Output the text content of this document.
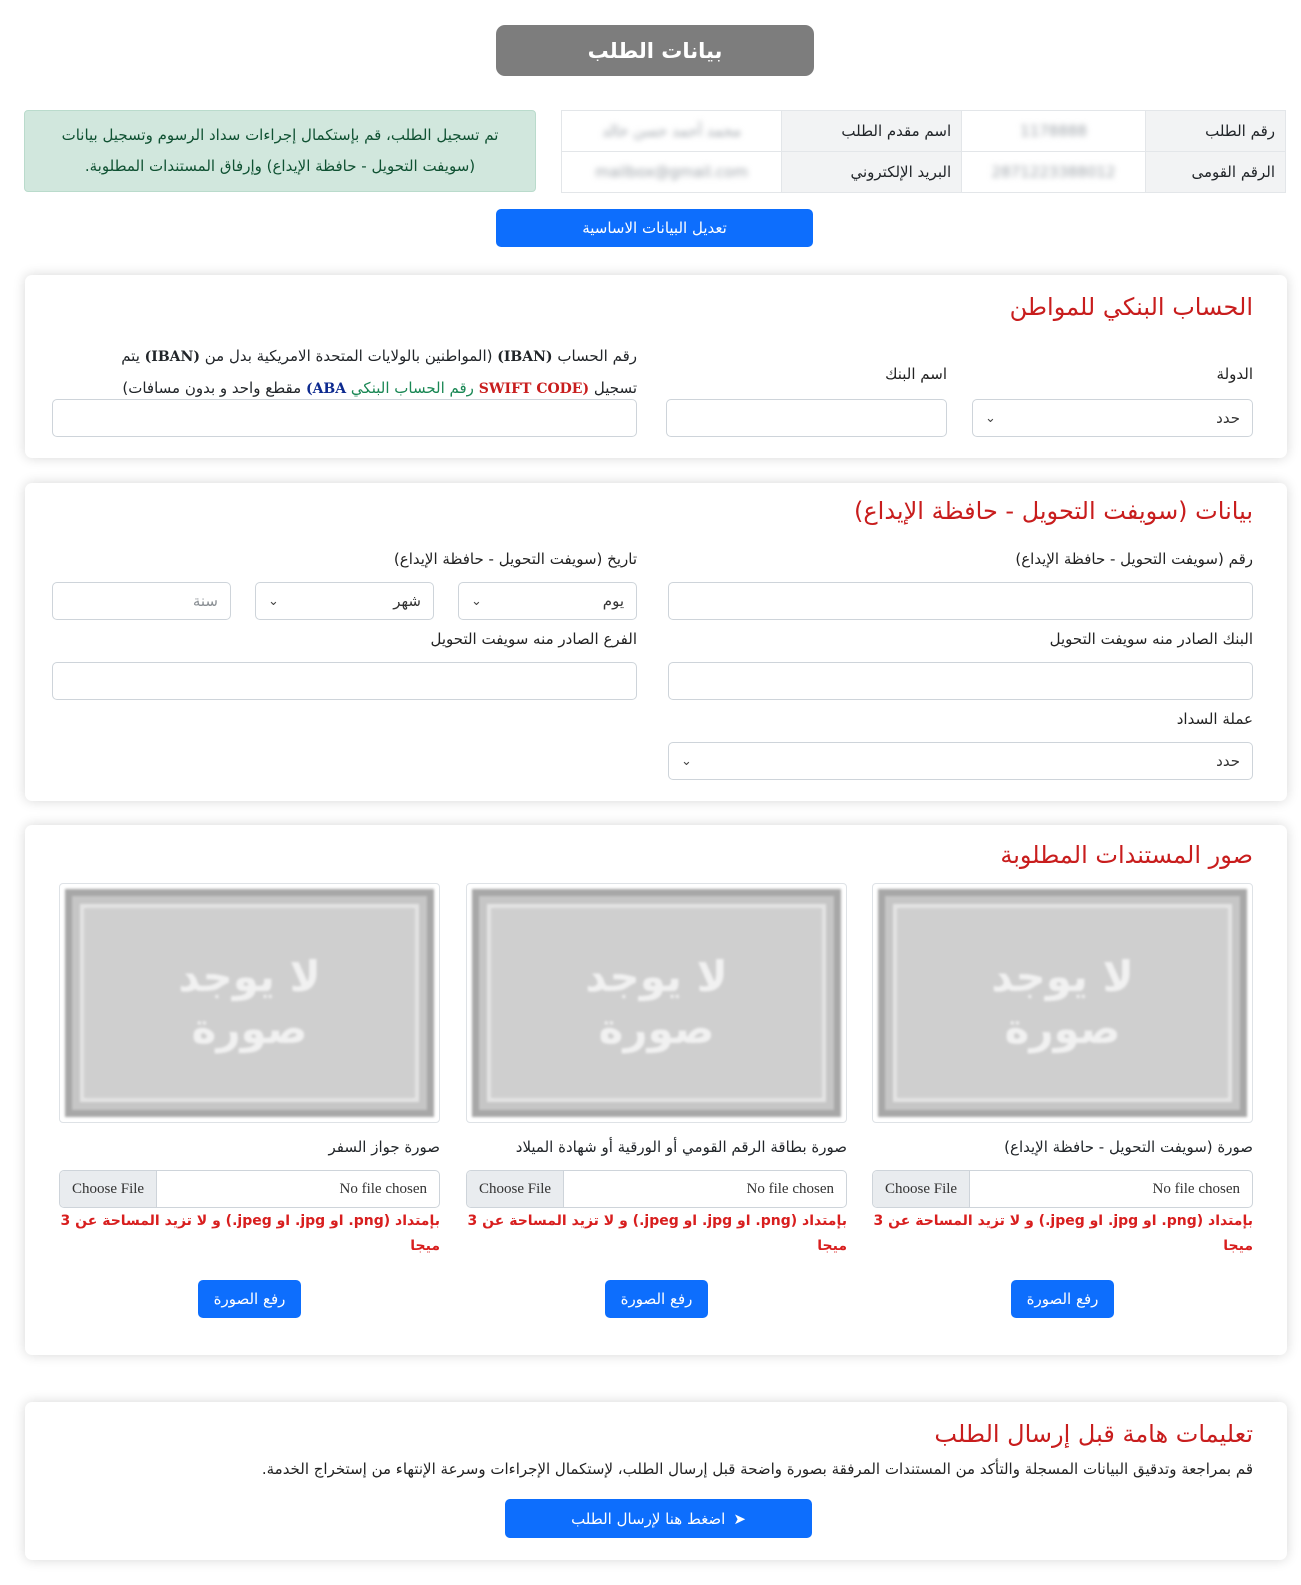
بيانات الطلب
رقم الطلب	1178888	اسم مقدم الطلب	محمد أحمد حسن خالد
الرقم القومى	2871223388012	البريد الإلكتروني	mailbox@gmail.com
تم تسجيل الطلب، قم بإستكمال إجراءات سداد الرسوم وتسجيل بيانات
(سويفت التحويل - حافظة الإيداع) وإرفاق المستندات المطلوبة.
تعديل البيانات الاساسية
الحساب البنكي للمواطن
الدولة
حدد
⌄
اسم البنك
رقم الحساب (IBAN) (المواطنين بالولايات المتحدة الامريكية بدل من (IBAN) يتم
تسجيل (SWIFT CODE رقم الحساب البنكي ABA) مقطع واحد و بدون مسافات)
بيانات (سويفت التحويل - حافظة الإيداع)
رقم (سويفت التحويل - حافظة الإيداع)
تاريخ (سويفت التحويل - حافظة الإيداع)
يوم
⌄
شهر
⌄
سنة
البنك الصادر منه سويفت التحويل
الفرع الصادر منه سويفت التحويل
عملة السداد
حدد
⌄
صور المستندات المطلوبة
لا يوجد
صورة
صورة (سويفت التحويل - حافظة الإيداع)
Choose File	No file chosen
بإمتداد (png. او jpg. او jpeg.) و لا تزيد المساحة عن 3 ميجا
رفع الصورة
لا يوجد
صورة
صورة بطاقة الرقم القومي أو الورقية أو شهادة الميلاد
Choose File	No file chosen
بإمتداد (png. او jpg. او jpeg.) و لا تزيد المساحة عن 3 ميجا
رفع الصورة
لا يوجد
صورة
صورة جواز السفر
Choose File	No file chosen
بإمتداد (png. او jpg. او jpeg.) و لا تزيد المساحة عن 3 ميجا
رفع الصورة
تعليمات هامة قبل إرسال الطلب
قم بمراجعة وتدقيق البيانات المسجلة والتأكد من المستندات المرفقة بصورة واضحة قبل إرسال الطلب، لإستكمال الإجراءات وسرعة الإنتهاء من إستخراج الخدمة.
➤
اضغط هنا لإرسال الطلب
